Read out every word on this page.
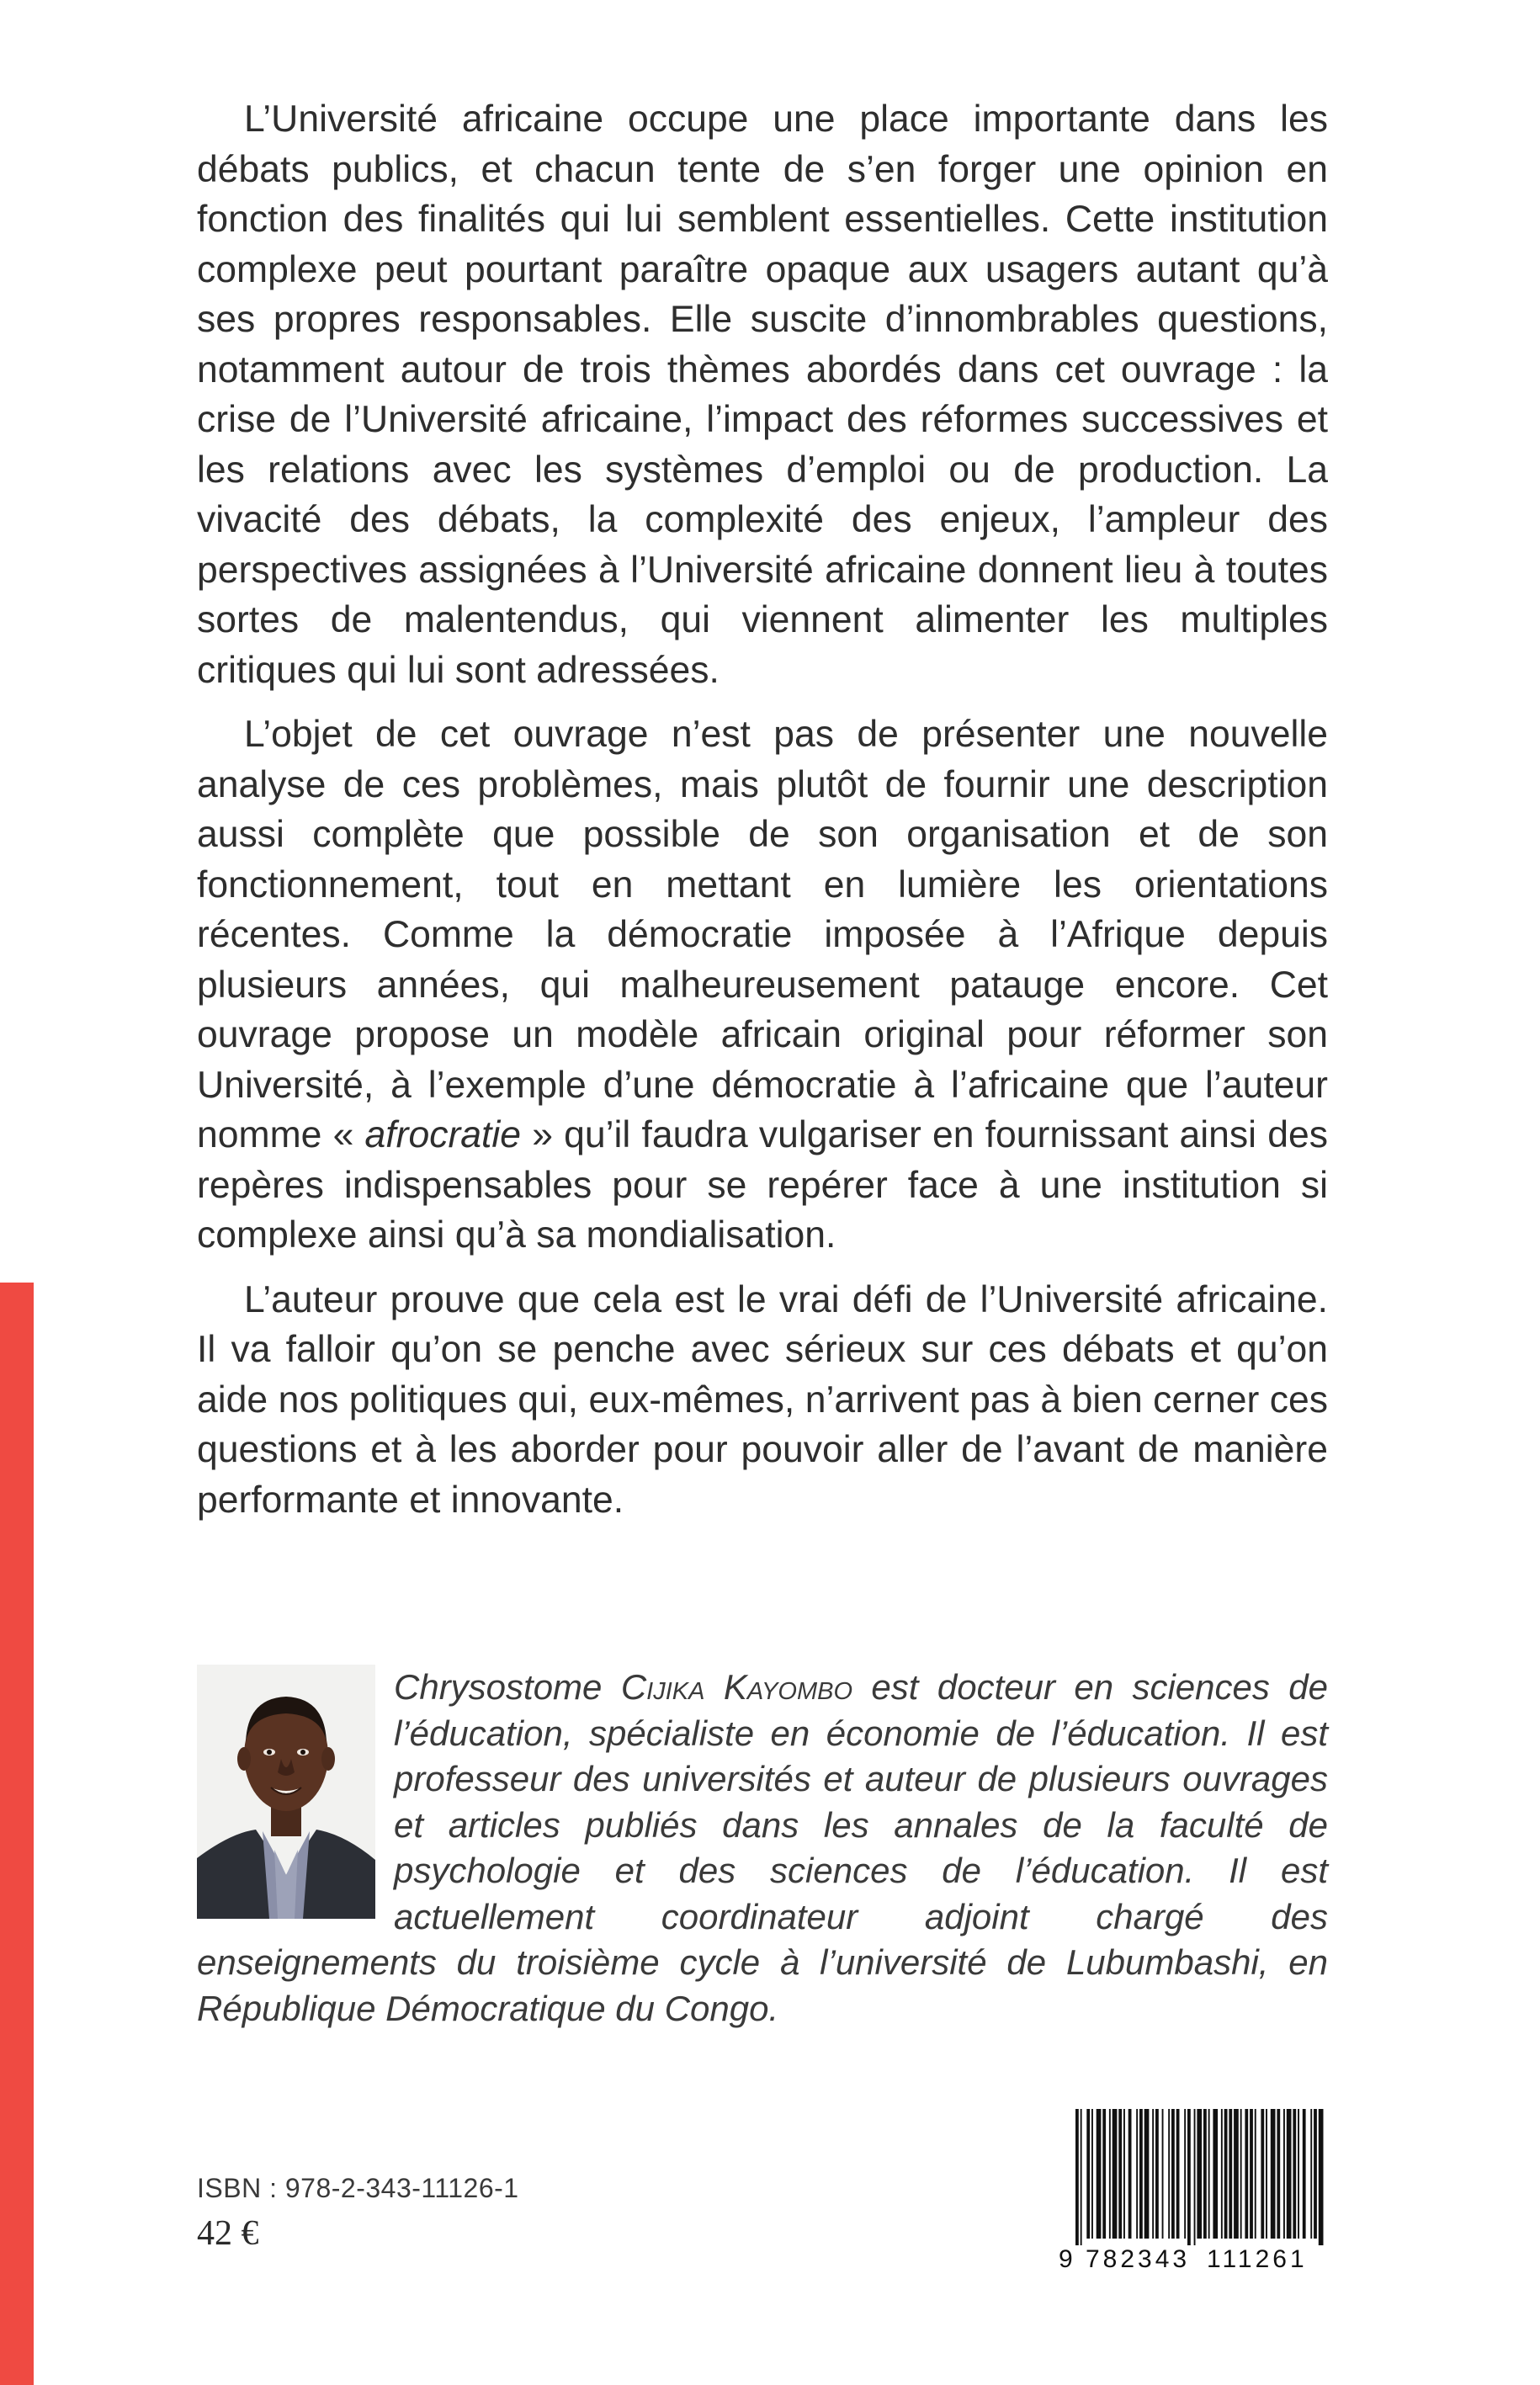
L’Université africaine occupe une place importante dans les débats publics, et chacun tente de s’en forger une opinion en fonction des finalités qui lui semblent essentielles. Cette institution complexe peut pourtant paraître opaque aux usagers autant qu’à ses propres responsables. Elle suscite d’innombrables questions, notamment autour de trois thèmes abordés dans cet ouvrage : la crise de l’Université africaine, l’impact des réformes successives et les relations avec les systèmes d’emploi ou de production. La vivacité des débats, la complexité des enjeux, l’ampleur des perspectives assignées à l’Université africaine donnent lieu à toutes sortes de malentendus, qui viennent alimenter les multiples critiques qui lui sont adressées.

L’objet de cet ouvrage n’est pas de présenter une nouvelle analyse de ces problèmes, mais plutôt de fournir une description aussi complète que possible de son organisation et de son fonctionnement, tout en mettant en lumière les orientations récentes. Comme la démocratie imposée à l’Afrique depuis plusieurs années, qui malheureusement patauge encore. Cet ouvrage propose un modèle africain original pour réformer son Université, à l’exemple d’une démocratie à l’africaine que l’auteur nomme « afrocratie » qu’il faudra vulgariser en fournissant ainsi des repères indispensables pour se repérer face à une institution si complexe ainsi qu’à sa mondialisation.

L’auteur prouve que cela est le vrai défi de l’Université africaine. Il va falloir qu’on se penche avec sérieux sur ces débats et qu’on aide nos politiques qui, eux-mêmes, n’arrivent pas à bien cerner ces questions et à les aborder pour pouvoir aller de l’avant de manière performante et innovante.

Chrysostome Cijika Kayombo est docteur en sciences de l’éducation, spécialiste en économie de l’éducation. Il est professeur des universités et auteur de plusieurs ouvrages et articles publiés dans les annales de la faculté de psychologie et des sciences de l’éducation. Il est actuellement coordinateur adjoint chargé des enseignements du troisième cycle à l’université de Lubumbashi, en République Démocratique du Congo.

ISBN : 978-2-343-11126-1
42 €
9 782343 111261
